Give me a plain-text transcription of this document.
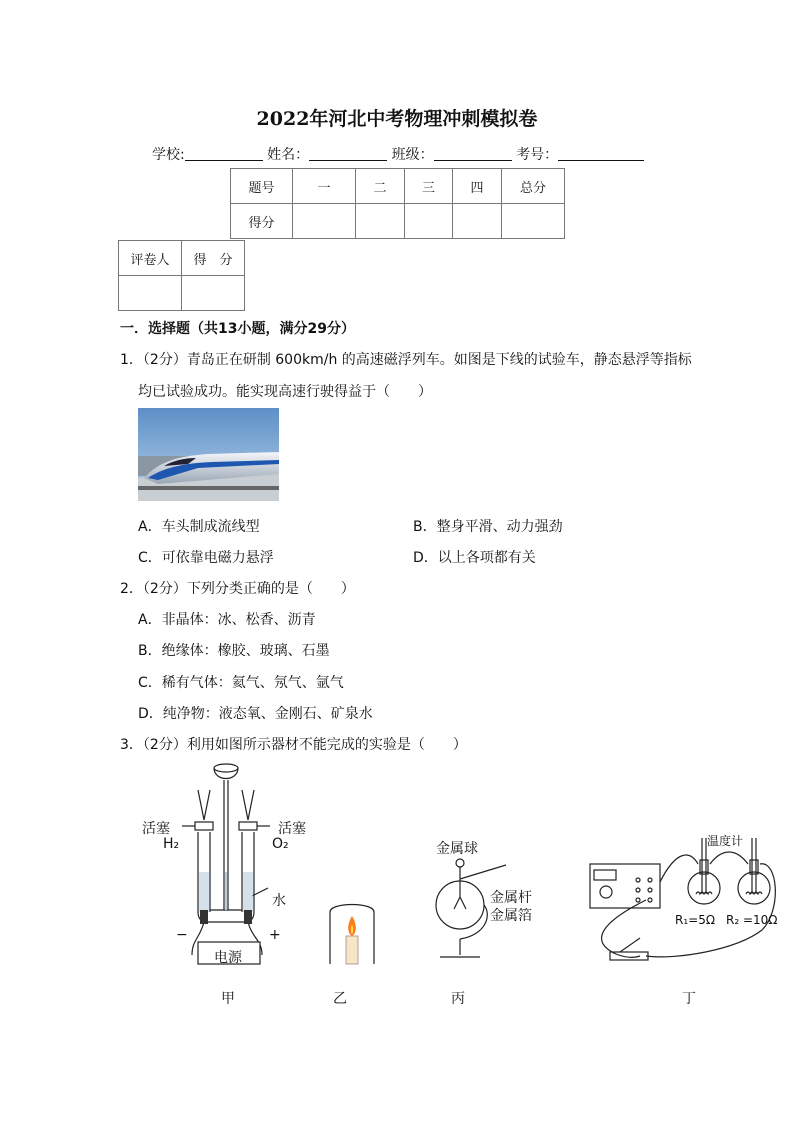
2022年河北中考物理冲刺模拟卷
学校:	姓名：	班级：	考号：
题号	一	二	三	四	总分
得分					
评卷人	得　分

一．选择题（共13小题，满分29分）
1．（2分）青岛正在研制 600km/h 的高速磁浮列车。如图是下线的试验车，静态悬浮等指标
均已试验成功。能实现高速行驶得益于（　　）
A．车头制成流线型	B．整身平滑、动力强劲
C．可依靠电磁力悬浮	D．以上各项都有关
2．（2分）下列分类正确的是（　　）
A．非晶体：冰、松香、沥青
B．绝缘体：橡胶、玻璃、石墨
C．稀有气体：氦气、氖气、氩气
D．纯净物：液态氧、金刚石、矿泉水
3．（2分）利用如图所示器材不能完成的实验是（　　）
活塞	活塞
H₂	O₂
水
−	+
电源
甲	乙
金属球
金属杆
金属箔
丙
温度计
R₁=5Ω R₂ =10Ω
丁
